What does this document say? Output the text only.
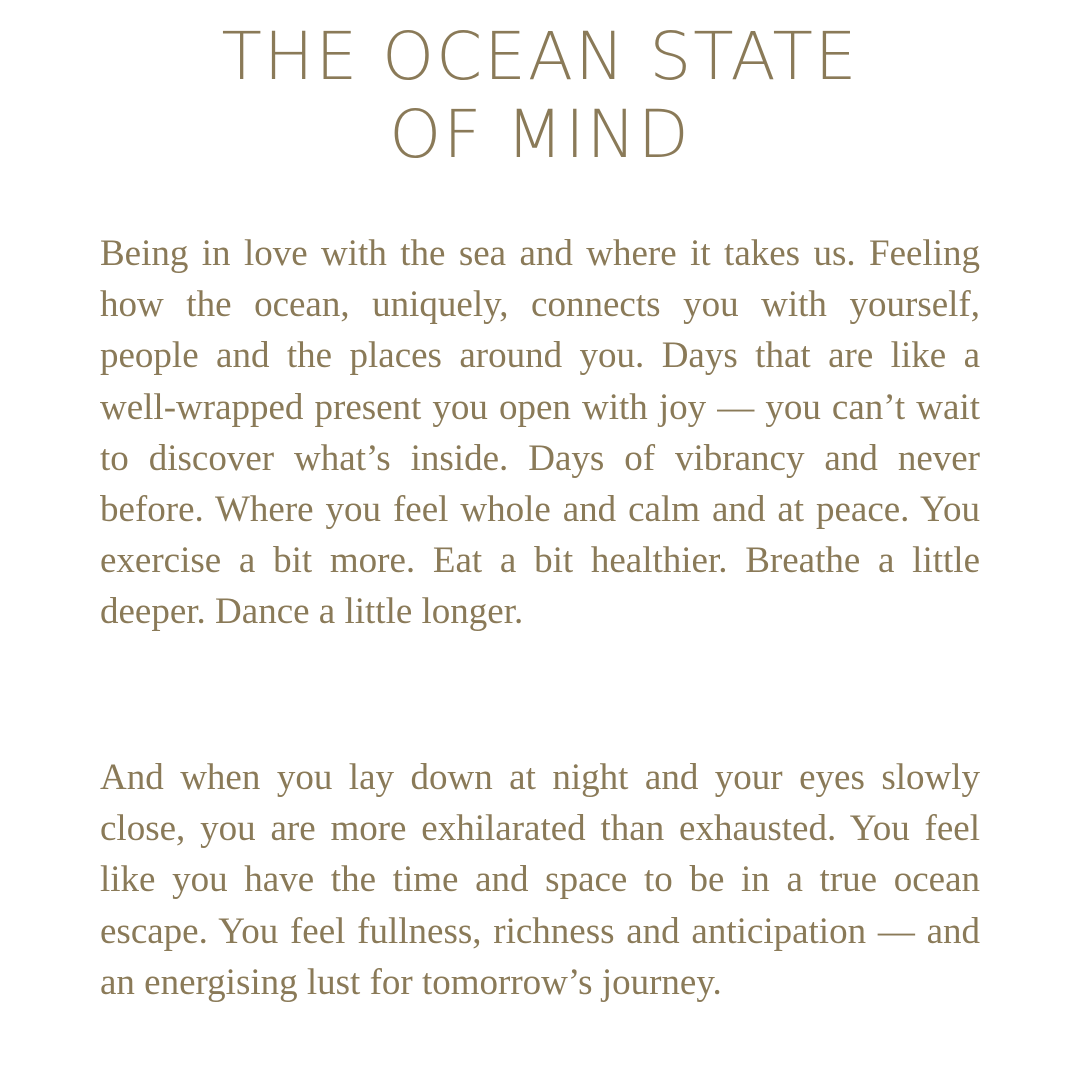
THE OCEAN STATE
OF MIND

Being in love with the sea and where it takes us. Feeling how the ocean, uniquely, connects you with yourself, people and the places around you. Days that are like a well-wrapped present you open with joy — you can’t wait to discover what’s inside. Days of vibrancy and never before. Where you feel whole and calm and at peace. You exercise a bit more. Eat a bit healthier. Breathe a little deeper. Dance a little longer.

And when you lay down at night and your eyes slowly close, you are more exhilarated than exhausted. You feel like you have the time and space to be in a true ocean escape. You feel fullness, richness and anticipation — and an energising lust for tomorrow’s journey.
